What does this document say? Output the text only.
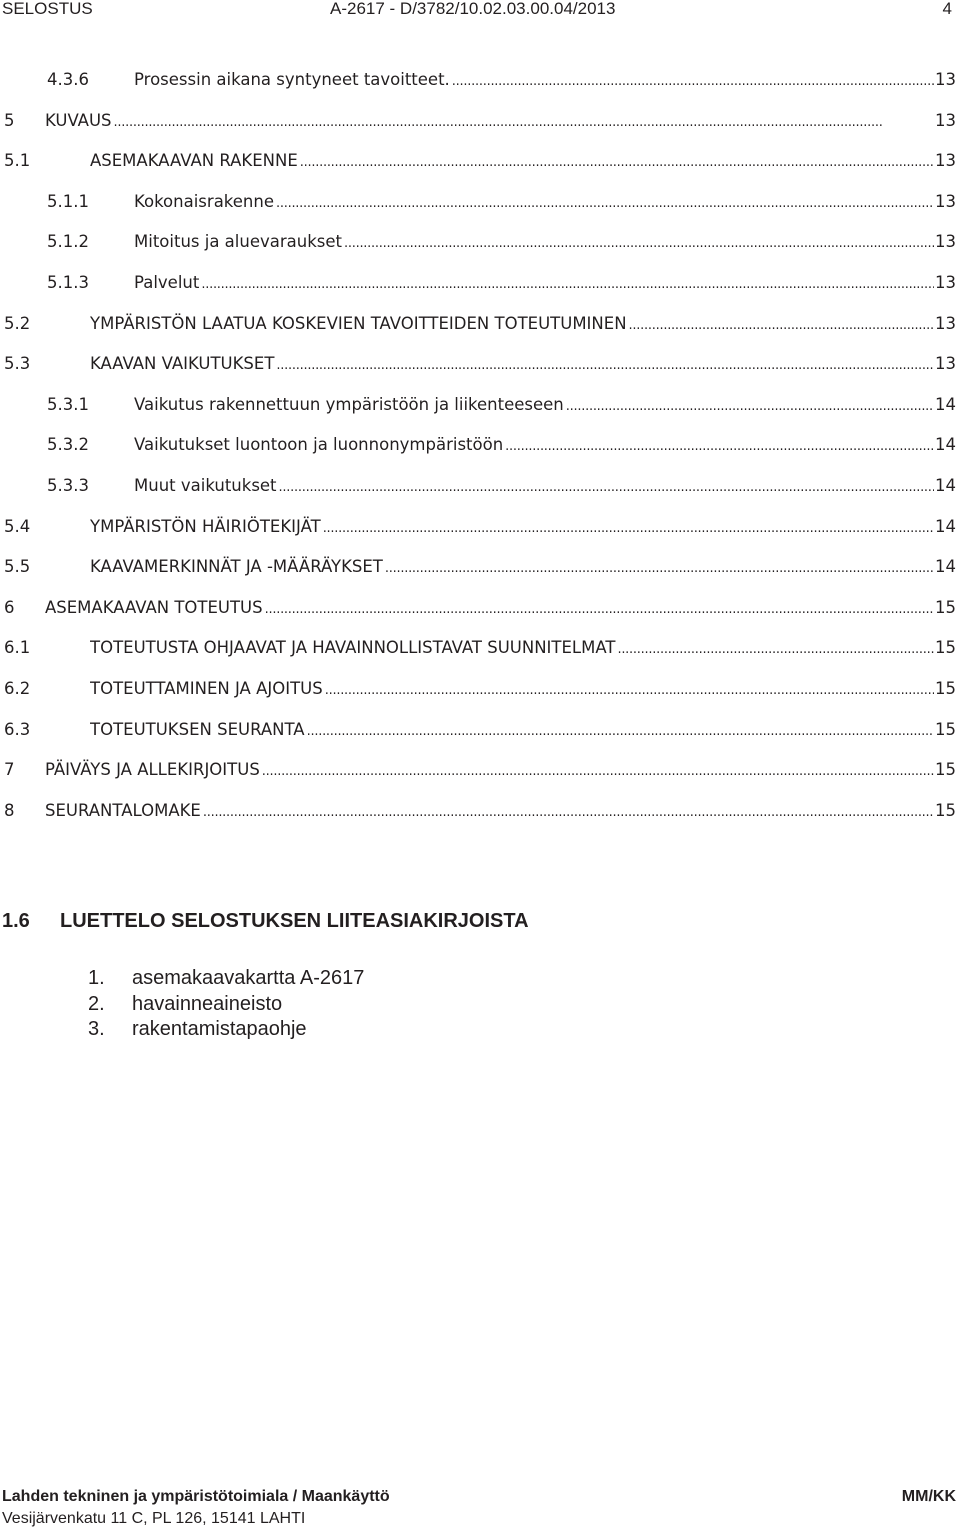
SELOSTUS	A-2617 - D/3782/10.02.03.00.04/2013	4
4.3.6	Prosessin aikana syntyneet tavoitteet. . . .	13
5 KUVAUS . . .	13
5.1	ASEMAKAAVAN RAKENNE . . .	13
5.1.1	Kokonaisrakenne . . .	13
5.1.2	Mitoitus ja aluevaraukset . . .	13
5.1.3	Palvelut . . .	13
5.2	YMPÄRISTÖN LAATUA KOSKEVIEN TAVOITTEIDEN TOTEUTUMINEN . . .	13
5.3	KAAVAN VAIKUTUKSET . . .	13
5.3.1	Vaikutus rakennettuun ympäristöön ja liikenteeseen . . .	14
5.3.2	Vaikutukset luontoon ja luonnonympäristöön . . .	14
5.3.3	Muut vaikutukset . . .	14
5.4	YMPÄRISTÖN HÄIRIÖTEKIJÄT . . .	14
5.5	KAAVAMERKINNÄT JA -MÄÄRÄYKSET . . .	14
6 ASEMAKAAVAN TOTEUTUS . . .	15
6.1	TOTEUTUSTA OHJAAVAT JA HAVAINNOLLISTAVAT SUUNNITELMAT . . .	15
6.2	TOTEUTTAMINEN JA AJOITUS . . .	15
6.3	TOTEUTUKSEN SEURANTA . . .	15
7 PÄIVÄYS JA ALLEKIRJOITUS . . .	15
8 SEURANTALOMAKE . . .	15
1.6 LUETTELO SELOSTUKSEN LIITEASIAKIRJOISTA
1. asemakaavakartta A-2617
2. havainneaineisto
3. rakentamistapaohje
Lahden tekninen ja ympäristötoimiala / Maankäyttö
Vesijärvenkatu 11 C, PL 126, 15141 LAHTI
MM/KK
